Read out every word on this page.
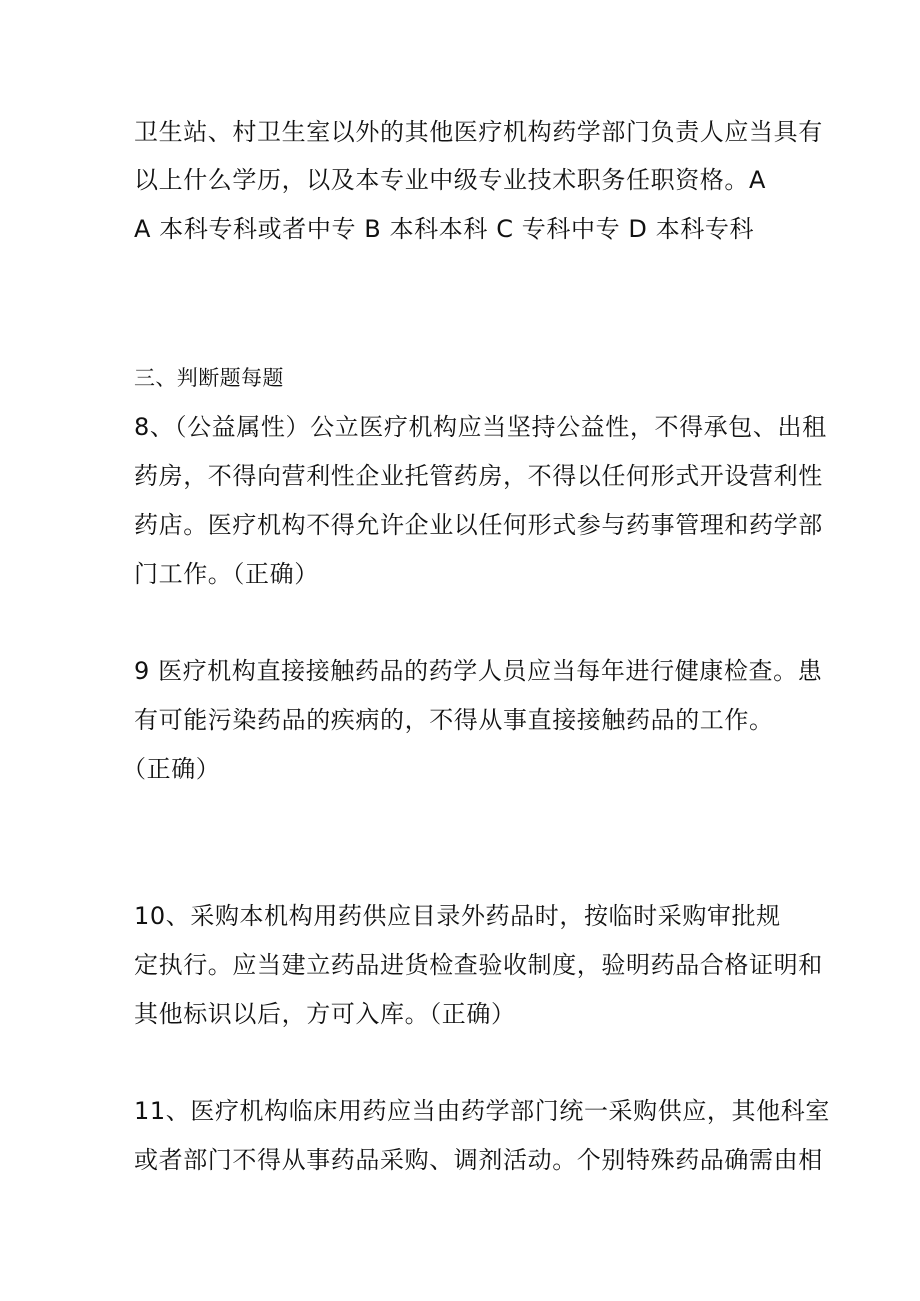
卫生站、村卫生室以外的其他医疗机构药学部门负责人应当具有
以上什么学历，以及本专业中级专业技术职务任职资格。A
A 本科专科或者中专 B 本科本科 C 专科中专 D 本科专科
三、判断题每题
8、（公益属性）公立医疗机构应当坚持公益性，不得承包、出租
药房，不得向营利性企业托管药房，不得以任何形式开设营利性
药店。医疗机构不得允许企业以任何形式参与药事管理和药学部
门工作。（正确）
9 医疗机构直接接触药品的药学人员应当每年进行健康检查。患
有可能污染药品的疾病的，不得从事直接接触药品的工作。
（正确）
10、采购本机构用药供应目录外药品时，按临时采购审批规
定执行。应当建立药品进货检查验收制度，验明药品合格证明和
其他标识以后，方可入库。（正确）
11、医疗机构临床用药应当由药学部门统一采购供应，其他科室
或者部门不得从事药品采购、调剂活动。个别特殊药品确需由相
